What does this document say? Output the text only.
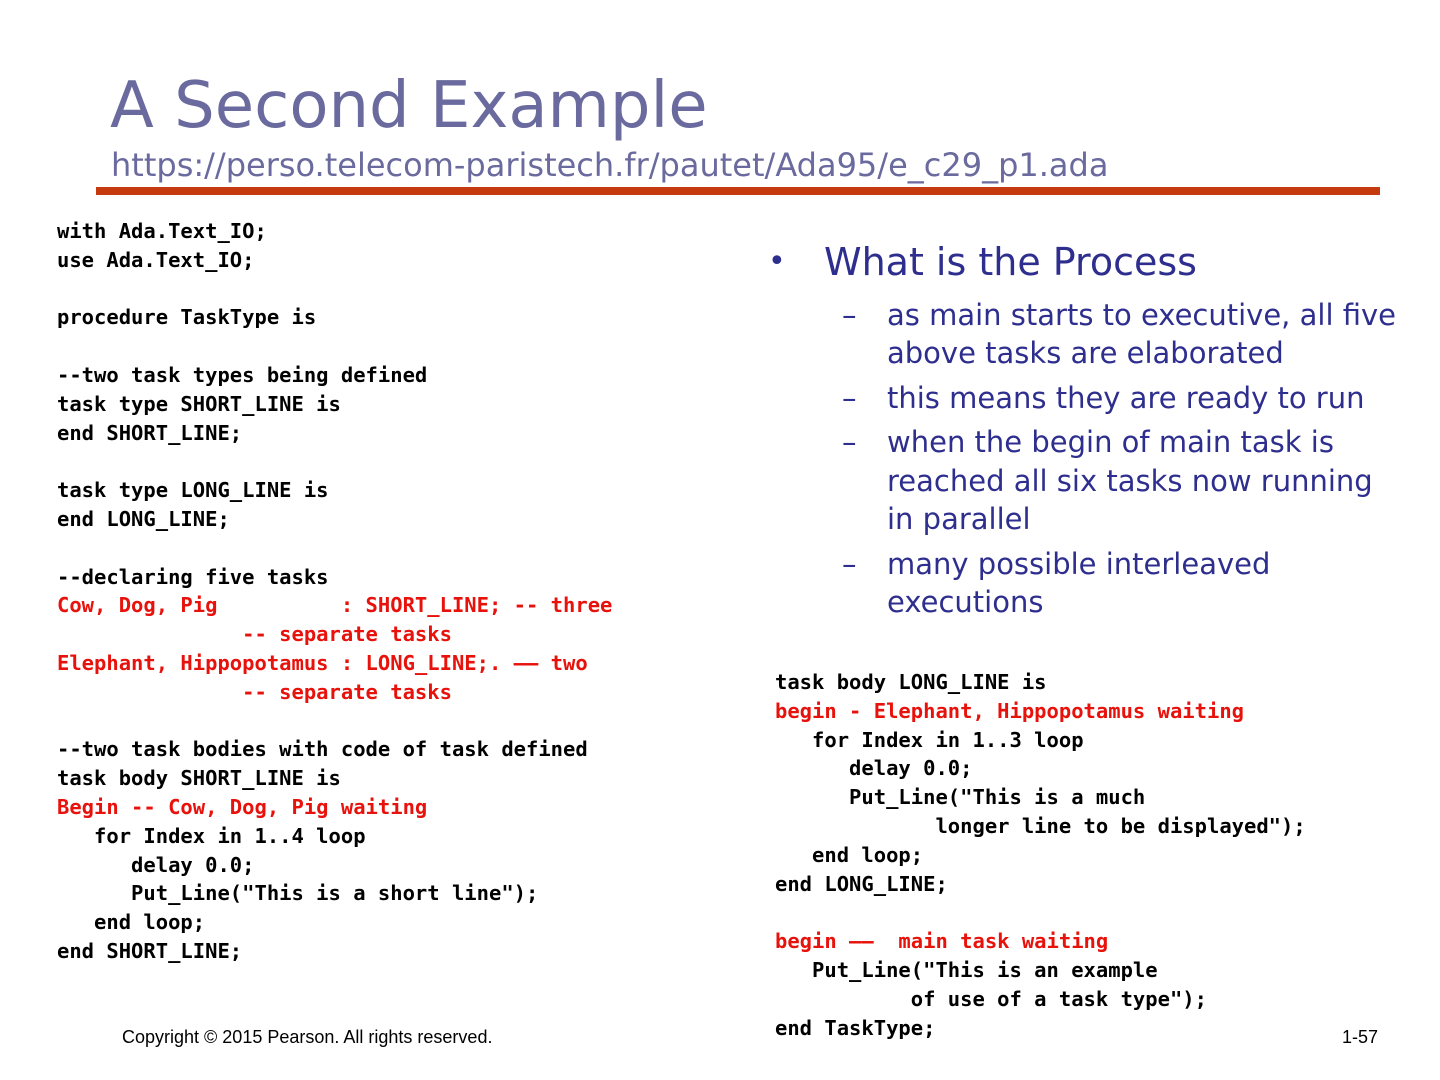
A Second Example
https://perso.telecom-paristech.fr/pautet/Ada95/e_c29_p1.ada
with Ada.Text_IO;
use Ada.Text_IO;
procedure TaskType is
--two task types being defined
task type SHORT_LINE is
end SHORT_LINE;
task type LONG_LINE is
end LONG_LINE;
--declaring five tasks
Cow, Dog, Pig          : SHORT_LINE; -- three
-- separate tasks
Elephant, Hippopotamus : LONG_LINE;. –– two
-- separate tasks
--two task bodies with code of task defined
task body SHORT_LINE is
Begin -- Cow, Dog, Pig waiting
for Index in 1..4 loop
delay 0.0;
Put_Line("This is a short line");
end loop;
end SHORT_LINE;
• What is the Process
– as main starts to executive, all five above tasks are elaborated
– this means they are ready to run
– when the begin of main task is reached all six tasks now running in parallel
– many possible interleaved executions
task body LONG_LINE is
begin - Elephant, Hippopotamus waiting
for Index in 1..3 loop
delay 0.0;
Put_Line("This is a much
longer line to be displayed");
end loop;
end LONG_LINE;
begin ––  main task waiting
Put_Line("This is an example
of use of a task type");
end TaskType;
Copyright © 2015 Pearson. All rights reserved.	1-57
